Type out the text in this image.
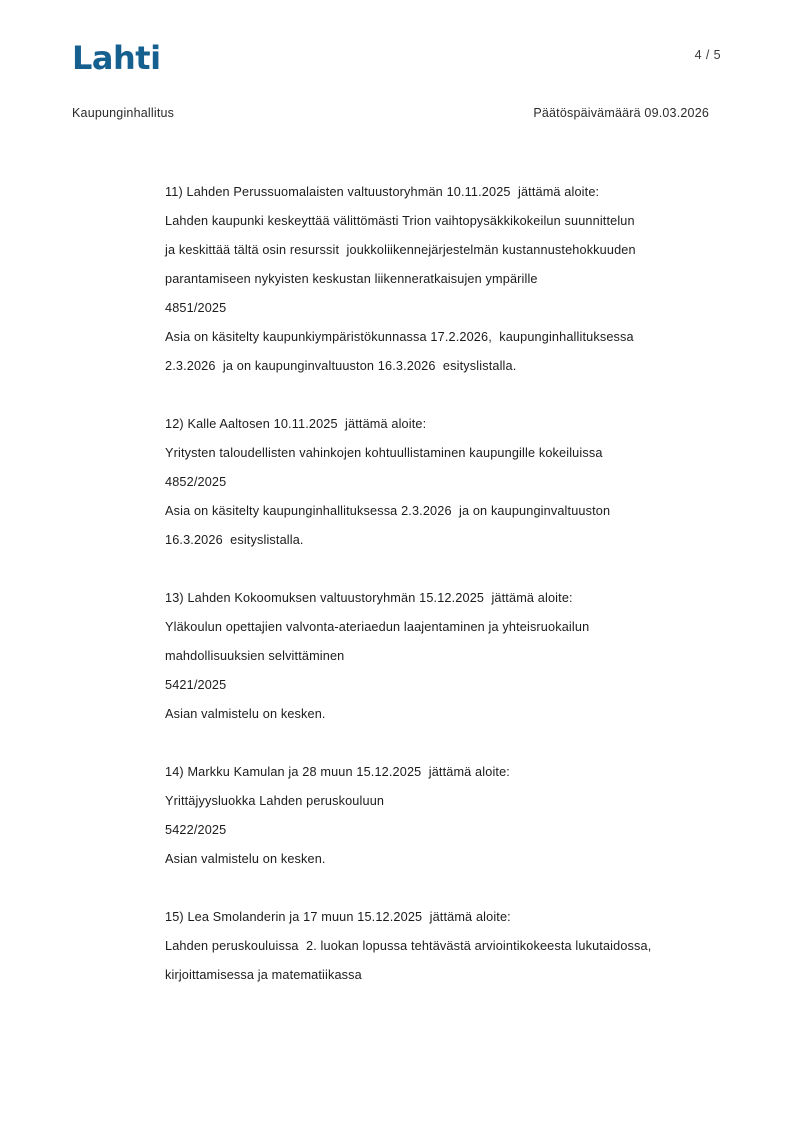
Lahti	4 / 5
Kaupunginhallitus	Päätöspäivämäärä 09.03.2026
11) Lahden Perussuomalaisten valtuustoryhmän 10.11.2025  jättämä aloite:
Lahden kaupunki keskeyttää välittömästi Trion vaihtopysäkkikokeilun suunnittelun
ja keskittää tältä osin resurssit  joukkoliikennejärjestelmän kustannustehokkuuden
parantamiseen nykyisten keskustan liikenneratkaisujen ympärille
4851/2025
Asia on käsitelty kaupunkiympäristökunnassa 17.2.2026,  kaupunginhallituksessa
2.3.2026  ja on kaupunginvaltuuston 16.3.2026  esityslistalla.
12) Kalle Aaltosen 10.11.2025  jättämä aloite:
Yritysten taloudellisten vahinkojen kohtuullistaminen kaupungille kokeiluissa
4852/2025
Asia on käsitelty kaupunginhallituksessa 2.3.2026  ja on kaupunginvaltuuston
16.3.2026  esityslistalla.
13) Lahden Kokoomuksen valtuustoryhmän 15.12.2025  jättämä aloite:
Yläkoulun opettajien valvonta-ateriaedun laajentaminen ja yhteisruokailun
mahdollisuuksien selvittäminen
5421/2025
Asian valmistelu on kesken.
14) Markku Kamulan ja 28 muun 15.12.2025  jättämä aloite:
Yrittäjyysluokka Lahden peruskouluun
5422/2025
Asian valmistelu on kesken.
15) Lea Smolanderin ja 17 muun 15.12.2025  jättämä aloite:
Lahden peruskouluissa  2. luokan lopussa tehtävästä arviointikokeesta lukutaidossa,
kirjoittamisessa ja matematiikassa
